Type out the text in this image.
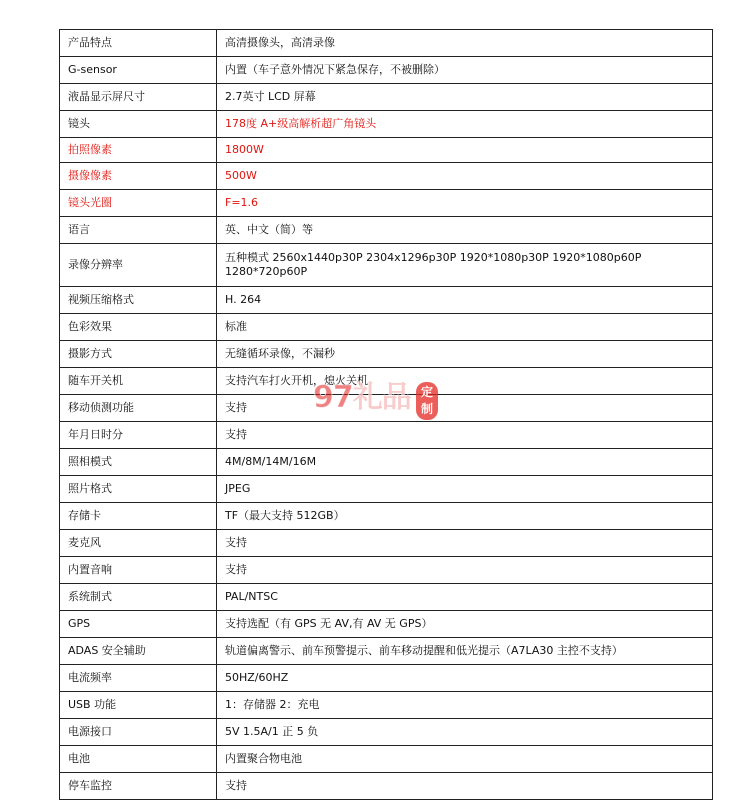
产品特点	高清摄像头，高清录像
G-sensor	内置（车子意外情况下紧急保存，不被删除）
液晶显示屏尺寸	2.7英寸 LCD 屏幕
镜头	178度 A+级高解析超广角镜头
拍照像素	1800W
摄像像素	500W
镜头光圈	F=1.6
语言	英、中文（简）等
录像分辨率	五种模式 2560x1440p30P 2304x1296p30P 1920*1080p30P 1920*1080p60P 1280*720p60P
视频压缩格式	H. 264
色彩效果	标准
摄影方式	无缝循环录像，不漏秒
随车开关机	支持汽车打火开机，熄火关机
移动侦测功能	支持
年月日时分	支持
照相模式	4M/8M/14M/16M
照片格式	JPEG
存储卡	TF（最大支持 512GB）
麦克风	支持
内置音响	支持
系统制式	PAL/NTSC
GPS	支持选配（有 GPS 无 AV,有 AV 无 GPS）
ADAS 安全辅助	轨道偏离警示、前车预警提示、前车移动提醒和低光提示（A7LA30 主控不支持）
电流频率	50HZ/60HZ
USB 功能	1：存储器 2：充电
电源接口	5V 1.5A/1 正 5 负
电池	内置聚合物电池
停车监控	支持
97礼品 定制
